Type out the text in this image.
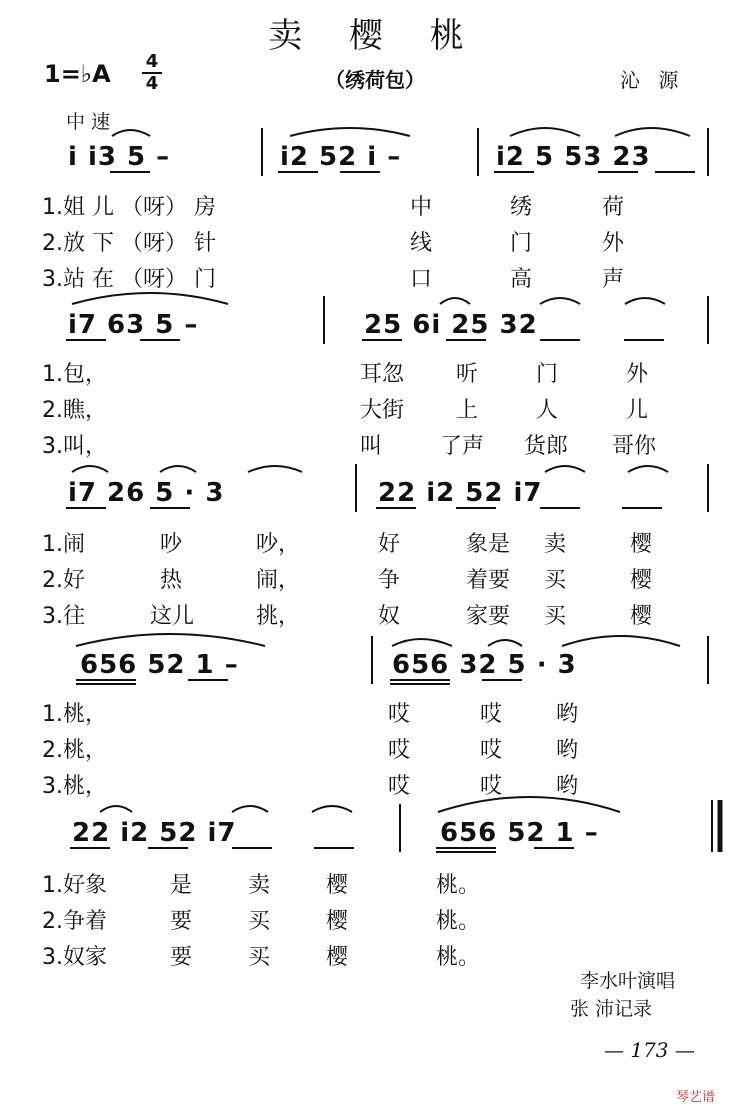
卖 樱 桃
1=♭A	4
4	（绣荷包）	沁 源
中速
i i3 5 –	i2 52 i –	i2 5 53 23
1.姐 儿 （呀） 房	中	绣	荷
2.放 下 （呀） 针	线	门	外
3.站 在 （呀） 门	口	高	声
i7 63 5 –	25 6i 25 32
1.包，	耳忽 听	门	外
2.瞧，	大街 上	人	儿
3.叫，	叫	了声 货郎 哥你
i7 26 5 · 3	22 i2 52 i7
1.闹	吵	吵，	好	象是 卖	樱
2.好	热	闹，	争	着要 买	樱
3.往	这儿	挑，	奴	家要 买	樱
656 52 1 –	656 32 5 · 3
1.桃，	哎	哎 哟
2.桃，	哎	哎 哟
3.桃，	哎	哎 哟
22 i2 52 i7	656 52 1 –
1.好象	是	卖	樱	桃。
2.争着	要	买	樱	桃。
3.奴家	要	买	樱	桃。
李水叶演唱
张 沛记录
— 173 —
琴艺谱
